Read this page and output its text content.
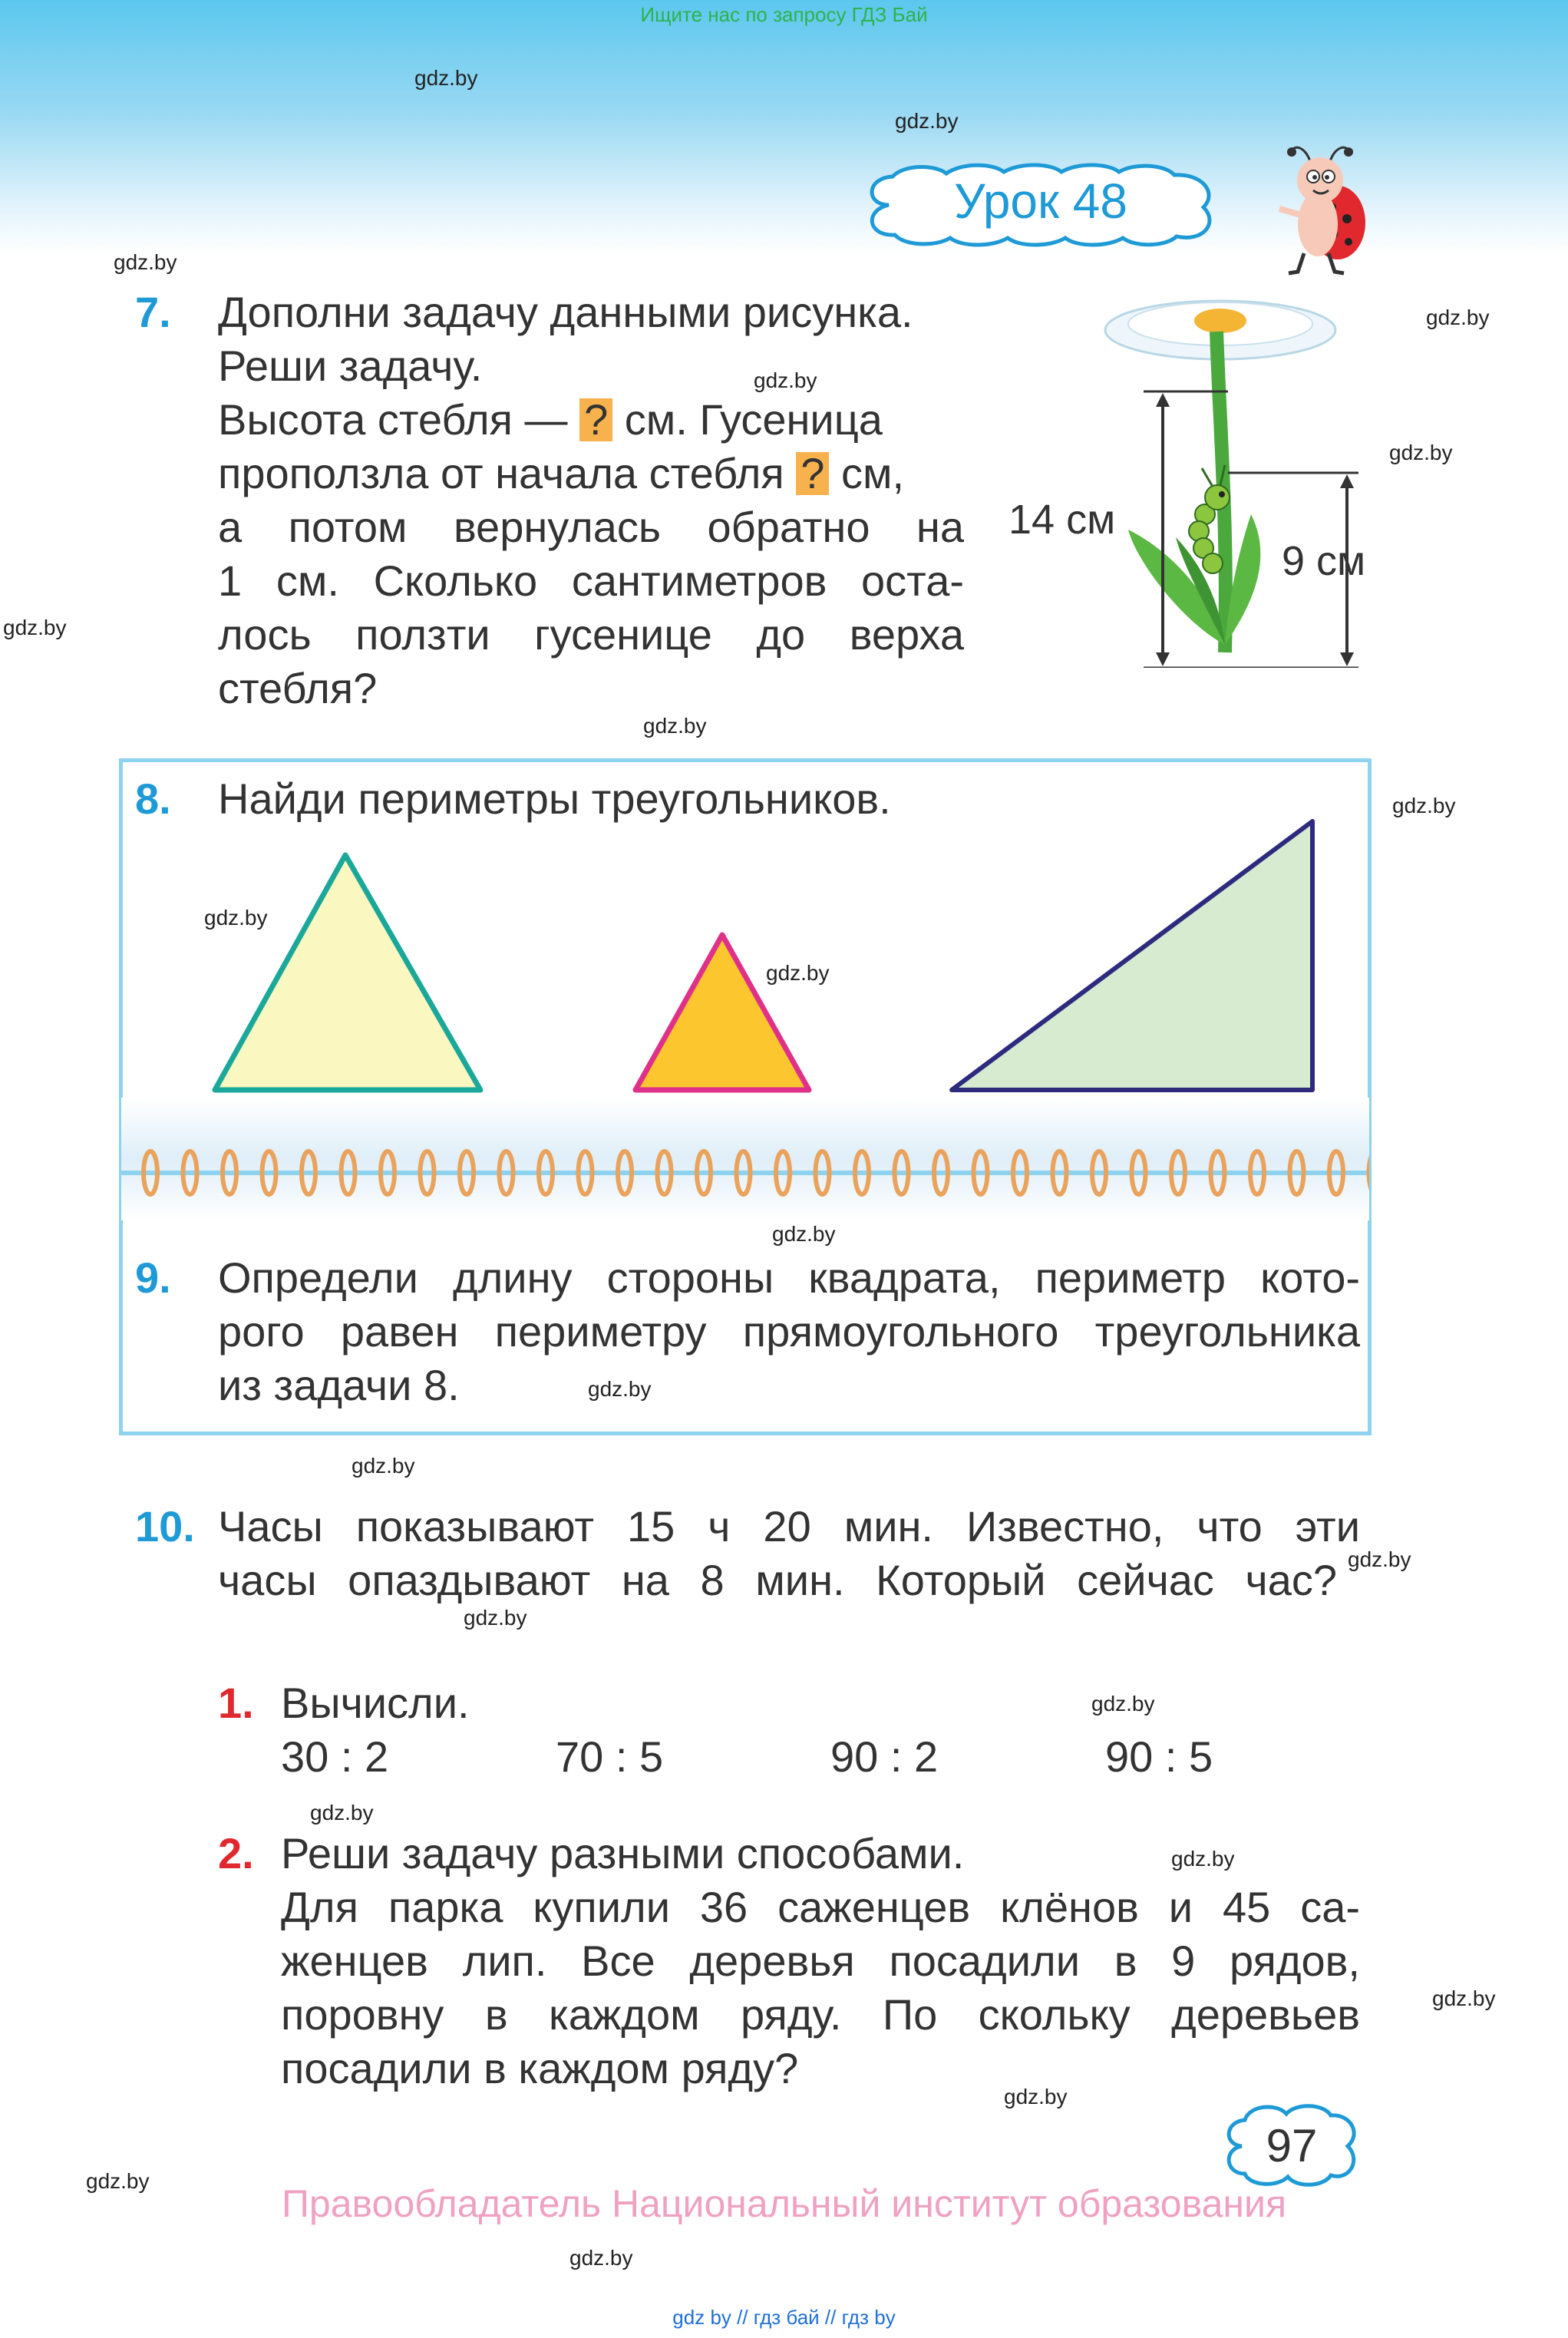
Ищите нас по запросу ГДЗ Бай
Урок 48
gdz.by
gdz.by
gdz.by
gdz.by
gdz.by
gdz.by
gdz.by
gdz.by
gdz.by
gdz.by
gdz.by
gdz.by
gdz.by
gdz.by
gdz.by
gdz.by
gdz.by
gdz.by
gdz.by
gdz.by
gdz.by
gdz.by
gdz.by
7. Дополни задачу данными рисунка.
Реши задачу.
Высота стебля — ? см. Гусеница
проползла от начала стебля ? см,
а потом вернулась обратно на
1 см. Сколько сантиметров оста-
лось ползти гусенице до верха
стебля?
14 см
9 см
8. Найди периметры треугольников.
9. Определи длину стороны квадрата, периметр кото-
рого равен периметру прямоугольного треугольника
из задачи 8.
10. Часы показывают 15 ч 20 мин. Известно, что эти
часы опаздывают на 8 мин. Который сейчас час?
1. Вычисли.
30 : 2	70 : 5	90 : 2	90 : 5
2. Реши задачу разными способами.
Для парка купили 36 саженцев клёнов и 45 са-
женцев лип. Все деревья посадили в 9 рядов,
поровну в каждом ряду. По скольку деревьев
посадили в каждом ряду?
97
Правообладатель Национальный институт образования
gdz by // гдз бай // гдз by
